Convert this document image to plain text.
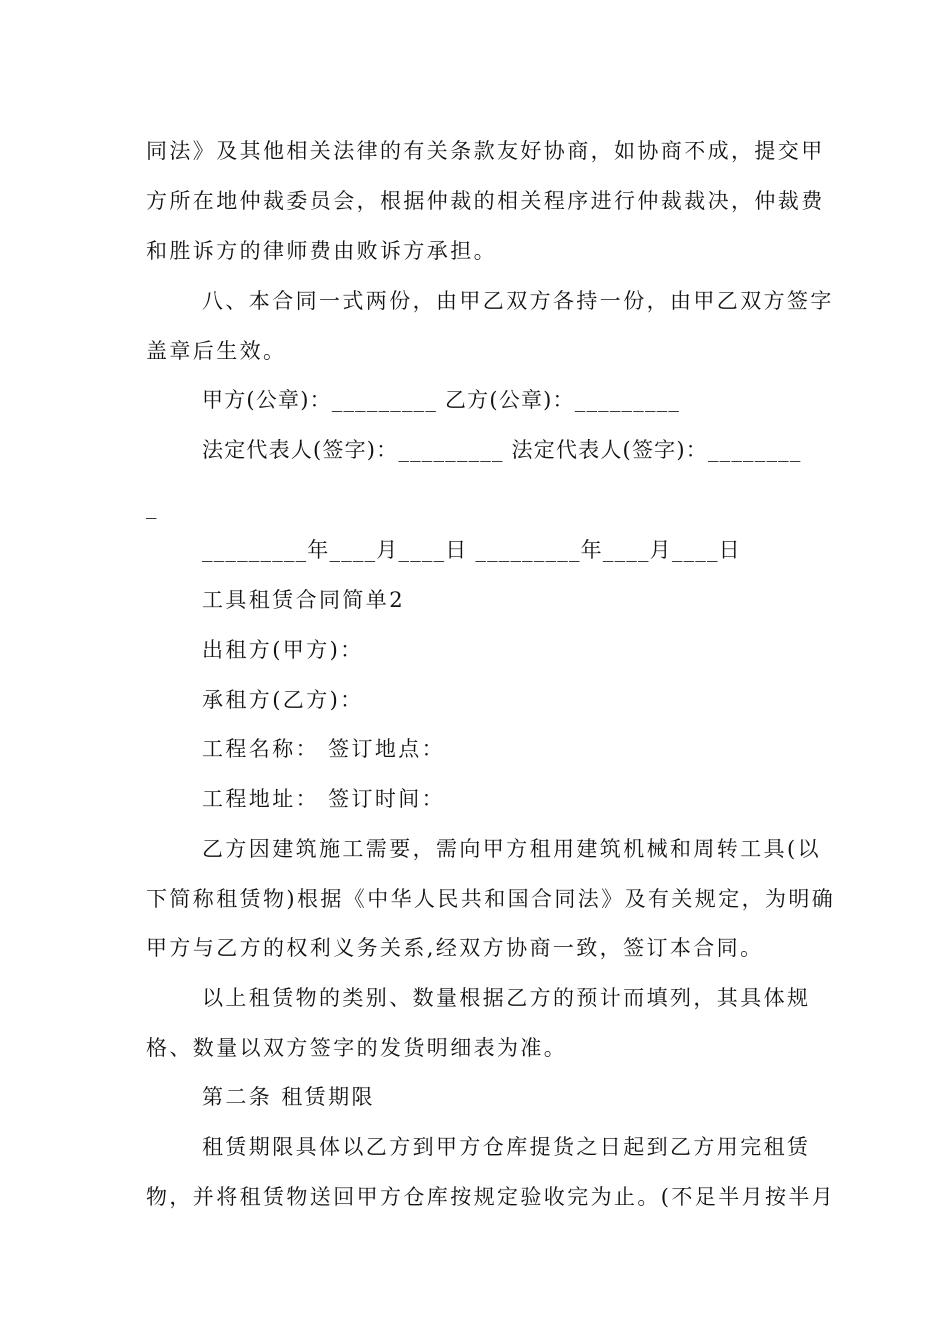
同法》及其他相关法律的有关条款友好协商，如协商不成，提交甲
方所在地仲裁委员会，根据仲裁的相关程序进行仲裁裁决，仲裁费
和胜诉方的律师费由败诉方承担。
八、本合同一式两份，由甲乙双方各持一份，由甲乙双方签字
盖章后生效。
甲方(公章)：_________ 乙方(公章)：_________
法定代表人(签字)：_________ 法定代表人(签字)：________
_
_________年____月____日 _________年____月____日
工具租赁合同简单2
出租方(甲方)：
承租方(乙方)：
工程名称： 签订地点：
工程地址： 签订时间：
乙方因建筑施工需要，需向甲方租用建筑机械和周转工具(以
下简称租赁物)根据《中华人民共和国合同法》及有关规定，为明确
甲方与乙方的权利义务关系,经双方协商一致，签订本合同。
以上租赁物的类别、数量根据乙方的预计而填列，其具体规
格、数量以双方签字的发货明细表为准。
第二条 租赁期限
租赁期限具体以乙方到甲方仓库提货之日起到乙方用完租赁
物，并将租赁物送回甲方仓库按规定验收完为止。(不足半月按半月
